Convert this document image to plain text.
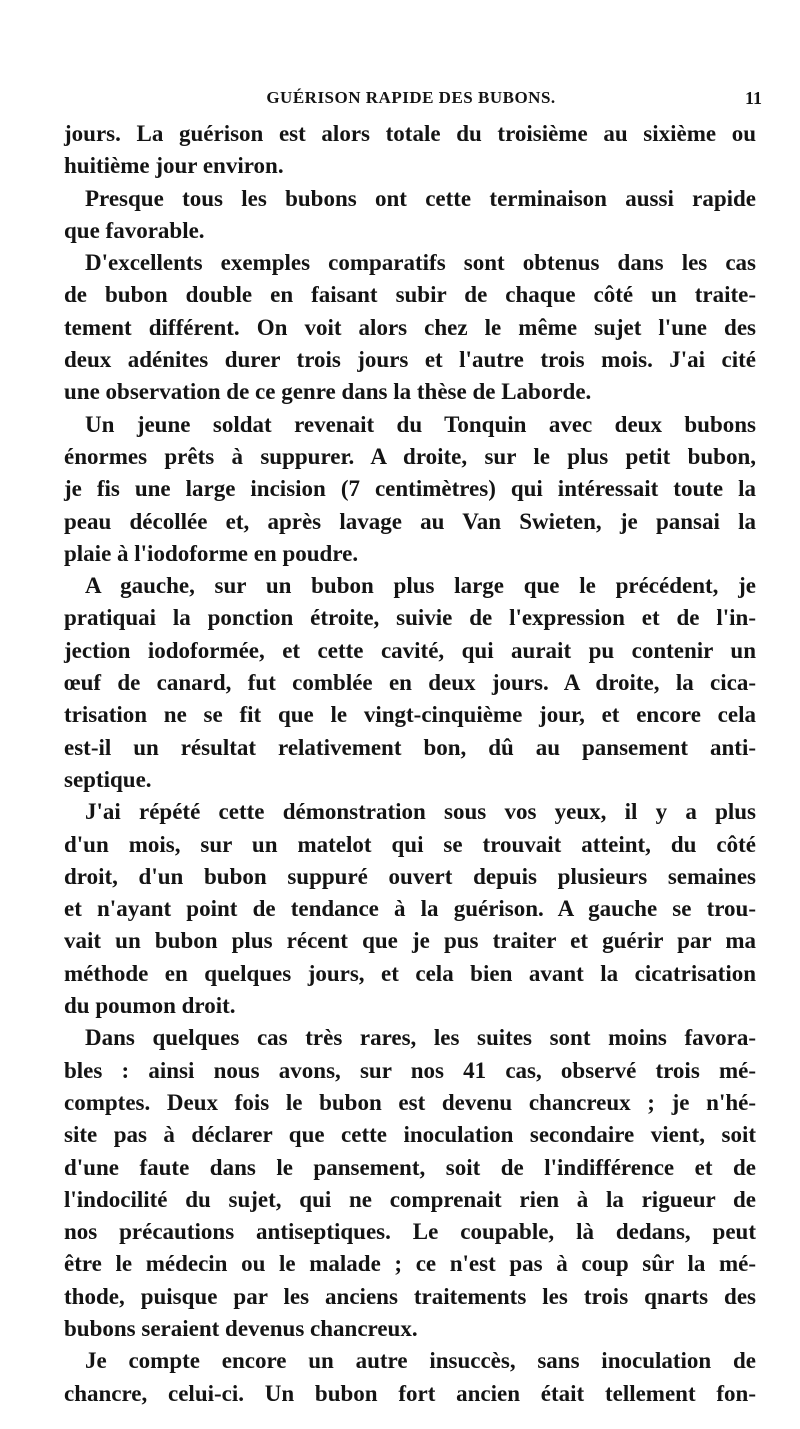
GUÉRISON RAPIDE DES BUBONS.	11
jours. La guérison est alors totale du troisième au sixième ou
huitième jour environ.
Presque tous les bubons ont cette terminaison aussi rapide
que favorable.
D'excellents exemples comparatifs sont obtenus dans les cas
de bubon double en faisant subir de chaque côté un traite-
tement différent. On voit alors chez le même sujet l'une des
deux adénites durer trois jours et l'autre trois mois. J'ai cité
une observation de ce genre dans la thèse de Laborde.
Un jeune soldat revenait du Tonquin avec deux bubons
énormes prêts à suppurer. A droite, sur le plus petit bubon,
je fis une large incision (7 centimètres) qui intéressait toute la
peau décollée et, après lavage au Van Swieten, je pansai la
plaie à l'iodoforme en poudre.
A gauche, sur un bubon plus large que le précédent, je
pratiquai la ponction étroite, suivie de l'expression et de l'in-
jection iodoformée, et cette cavité, qui aurait pu contenir un
œuf de canard, fut comblée en deux jours. A droite, la cica-
trisation ne se fit que le vingt-cinquième jour, et encore cela
est-il un résultat relativement bon, dû au pansement anti-
septique.
J'ai répété cette démonstration sous vos yeux, il y a plus
d'un mois, sur un matelot qui se trouvait atteint, du côté
droit, d'un bubon suppuré ouvert depuis plusieurs semaines
et n'ayant point de tendance à la guérison. A gauche se trou-
vait un bubon plus récent que je pus traiter et guérir par ma
méthode en quelques jours, et cela bien avant la cicatrisation
du poumon droit.
Dans quelques cas très rares, les suites sont moins favora-
bles : ainsi nous avons, sur nos 41 cas, observé trois mé-
comptes. Deux fois le bubon est devenu chancreux ; je n'hé-
site pas à déclarer que cette inoculation secondaire vient, soit
d'une faute dans le pansement, soit de l'indifférence et de
l'indocilité du sujet, qui ne comprenait rien à la rigueur de
nos précautions antiseptiques. Le coupable, là dedans, peut
être le médecin ou le malade ; ce n'est pas à coup sûr la mé-
thode, puisque par les anciens traitements les trois qnarts des
bubons seraient devenus chancreux.
Je compte encore un autre insuccès, sans inoculation de
chancre, celui-ci. Un bubon fort ancien était tellement fon-
